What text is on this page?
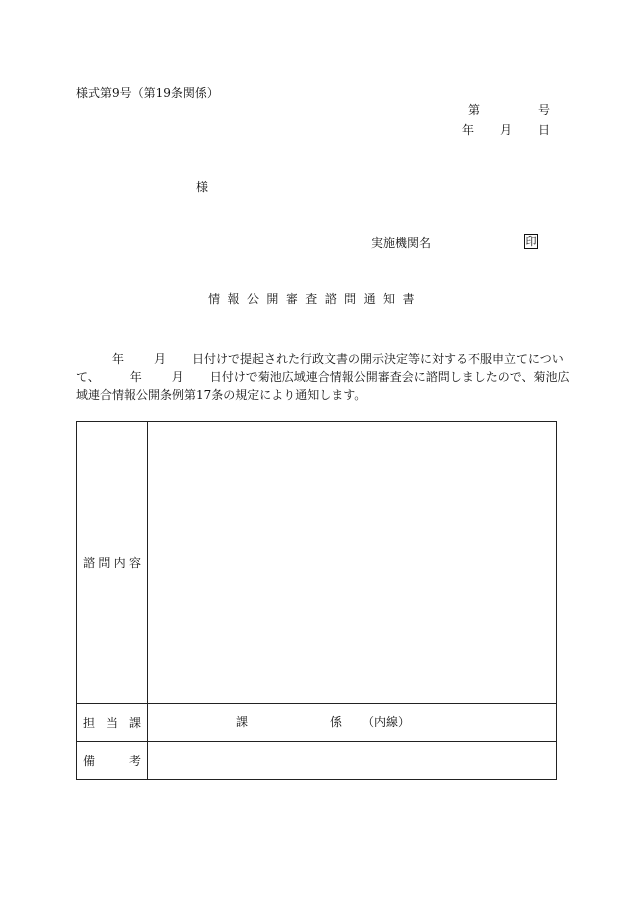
様式第9号（第19条関係）
第	号
年 月 日
様
実施機関名	印
情報公開審査諮問通知書
年	月 日付けで提起された行政文書の開示決定等に対する不服申立てについ
て、	年	月 日付けで菊池広域連合情報公開審査会に諮問しましたので、菊池広
域連合情報公開条例第17条の規定により通知します。
諮 問 内 容	

担 当 課	課 係 （内線）

備 考	
